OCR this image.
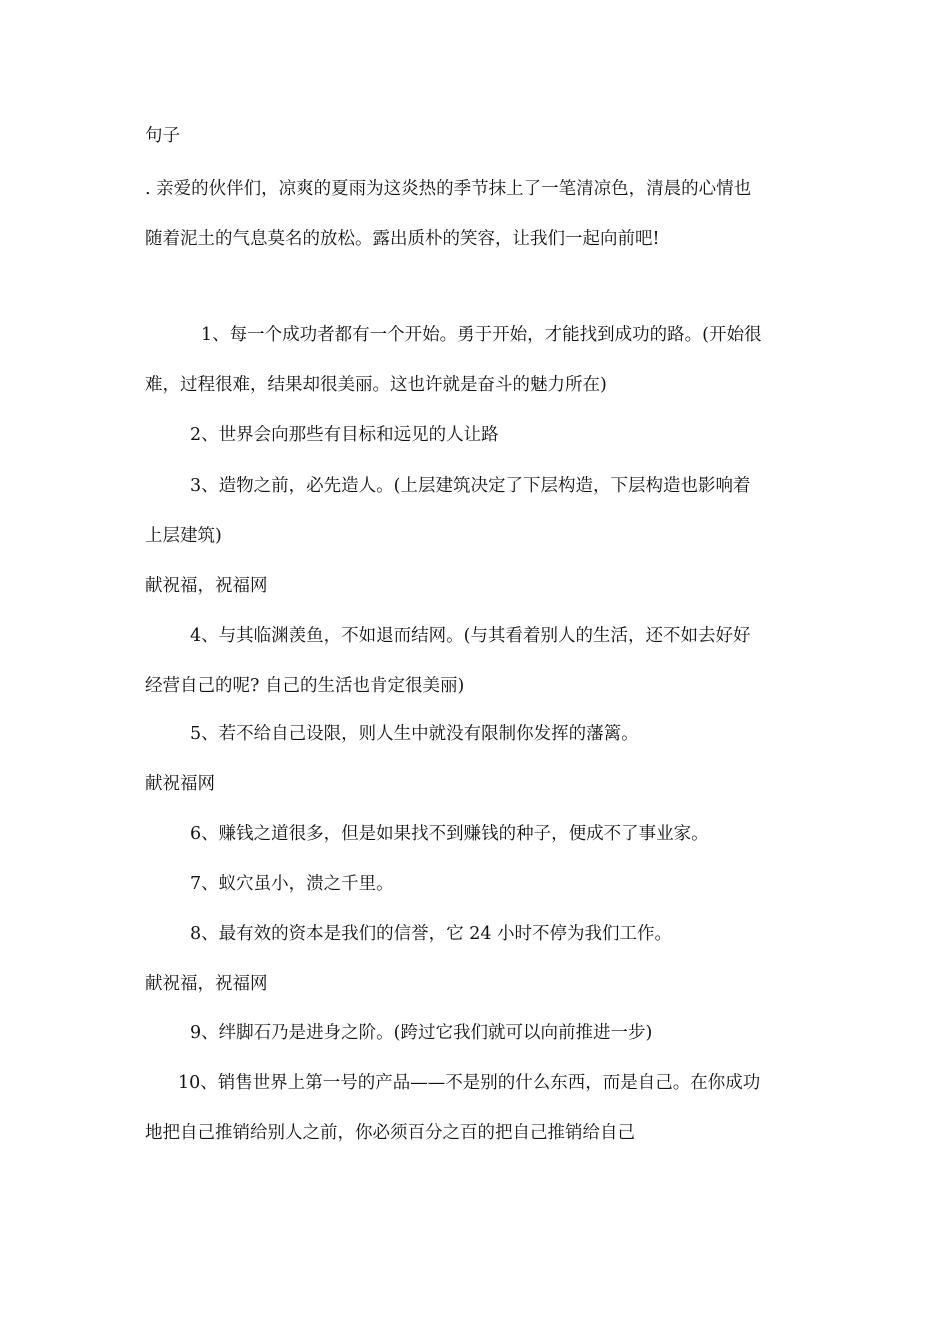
句子
. 亲爱的伙伴们，凉爽的夏雨为这炎热的季节抹上了一笔清凉色，清晨的心情也
随着泥土的气息莫名的放松。露出质朴的笑容，让我们一起向前吧!
1、每一个成功者都有一个开始。勇于开始，才能找到成功的路。(开始很
难，过程很难，结果却很美丽。这也许就是奋斗的魅力所在)
2、世界会向那些有目标和远见的人让路
3、造物之前，必先造人。(上层建筑决定了下层构造，下层构造也影响着
上层建筑)
献祝福，祝福网
4、与其临渊羡鱼，不如退而结网。(与其看着别人的生活，还不如去好好
经营自己的呢? 自己的生活也肯定很美丽)
5、若不给自己设限，则人生中就没有限制你发挥的藩篱。
献祝福网
6、赚钱之道很多，但是如果找不到赚钱的种子，便成不了事业家。
7、蚁穴虽小，溃之千里。
8、最有效的资本是我们的信誉，它 24 小时不停为我们工作。
献祝福，祝福网
9、绊脚石乃是进身之阶。(跨过它我们就可以向前推进一步)
10、销售世界上第一号的产品——不是别的什么东西，而是自己。在你成功
地把自己推销给别人之前，你必须百分之百的把自己推销给自己
